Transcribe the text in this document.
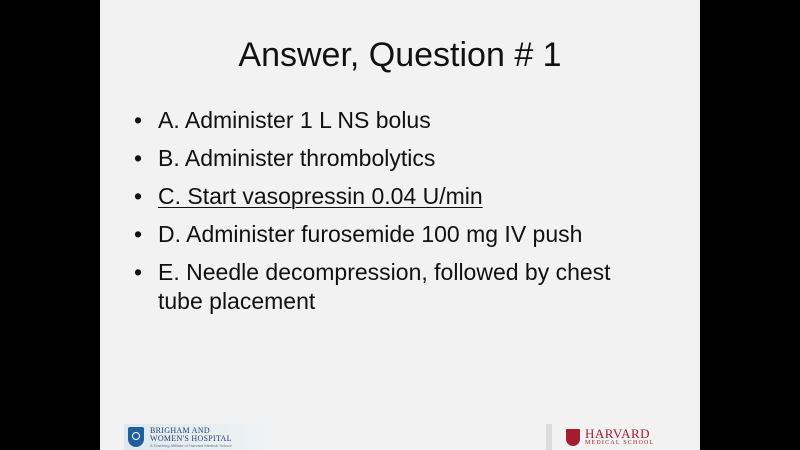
Answer, Question # 1
• A. Administer 1 L NS bolus
• B. Administer thrombolytics
• C. Start vasopressin 0.04 U/min
• D. Administer furosemide 100 mg IV push
• E. Needle decompression, followed by chest tube placement
BRIGHAM AND
WOMEN'S HOSPITAL
A Teaching Affiliate of Harvard Medical School
HARVARD
MEDICAL SCHOOL
